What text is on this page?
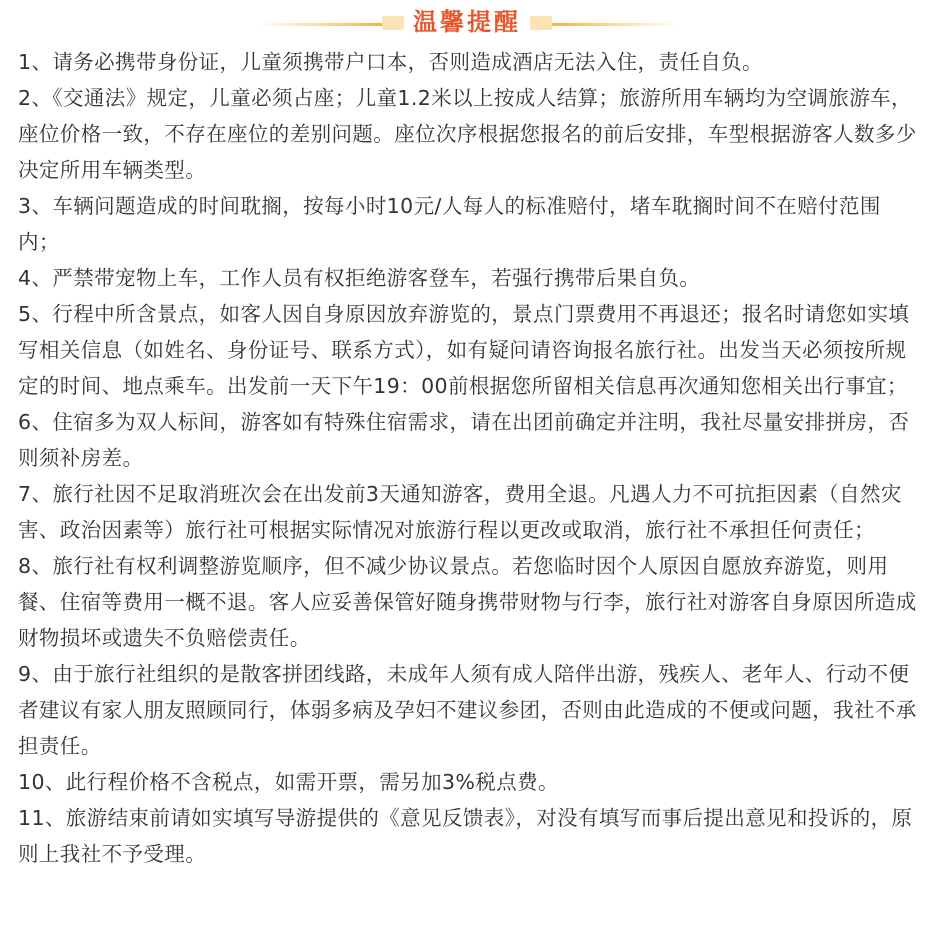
温馨提醒
1、请务必携带身份证，儿童须携带户口本，否则造成酒店无法入住，责任自负。
2、《交通法》规定，儿童必须占座；儿童1.2米以上按成人结算；旅游所用车辆均为空调旅游车，座位价格一致，不存在座位的差别问题。座位次序根据您报名的前后安排，车型根据游客人数多少决定所用车辆类型。
3、车辆问题造成的时间耽搁，按每小时10元/人每人的标准赔付，堵车耽搁时间不在赔付范围内；
4、严禁带宠物上车，工作人员有权拒绝游客登车，若强行携带后果自负。
5、行程中所含景点，如客人因自身原因放弃游览的，景点门票费用不再退还；报名时请您如实填写相关信息（如姓名、身份证号、联系方式），如有疑问请咨询报名旅行社。出发当天必须按所规定的时间、地点乘车。出发前一天下午19：00前根据您所留相关信息再次通知您相关出行事宜；
6、住宿多为双人标间，游客如有特殊住宿需求，请在出团前确定并注明，我社尽量安排拼房，否则须补房差。
7、旅行社因不足取消班次会在出发前3天通知游客，费用全退。凡遇人力不可抗拒因素（自然灾害、政治因素等）旅行社可根据实际情况对旅游行程以更改或取消，旅行社不承担任何责任；
8、旅行社有权利调整游览顺序，但不减少协议景点。若您临时因个人原因自愿放弃游览，则用餐、住宿等费用一概不退。客人应妥善保管好随身携带财物与行李，旅行社对游客自身原因所造成财物损坏或遗失不负赔偿责任。
9、由于旅行社组织的是散客拼团线路，未成年人须有成人陪伴出游，残疾人、老年人、行动不便者建议有家人朋友照顾同行，体弱多病及孕妇不建议参团，否则由此造成的不便或问题，我社不承担责任。
10、此行程价格不含税点，如需开票，需另加3%税点费。
11、旅游结束前请如实填写导游提供的《意见反馈表》，对没有填写而事后提出意见和投诉的，原则上我社不予受理。
